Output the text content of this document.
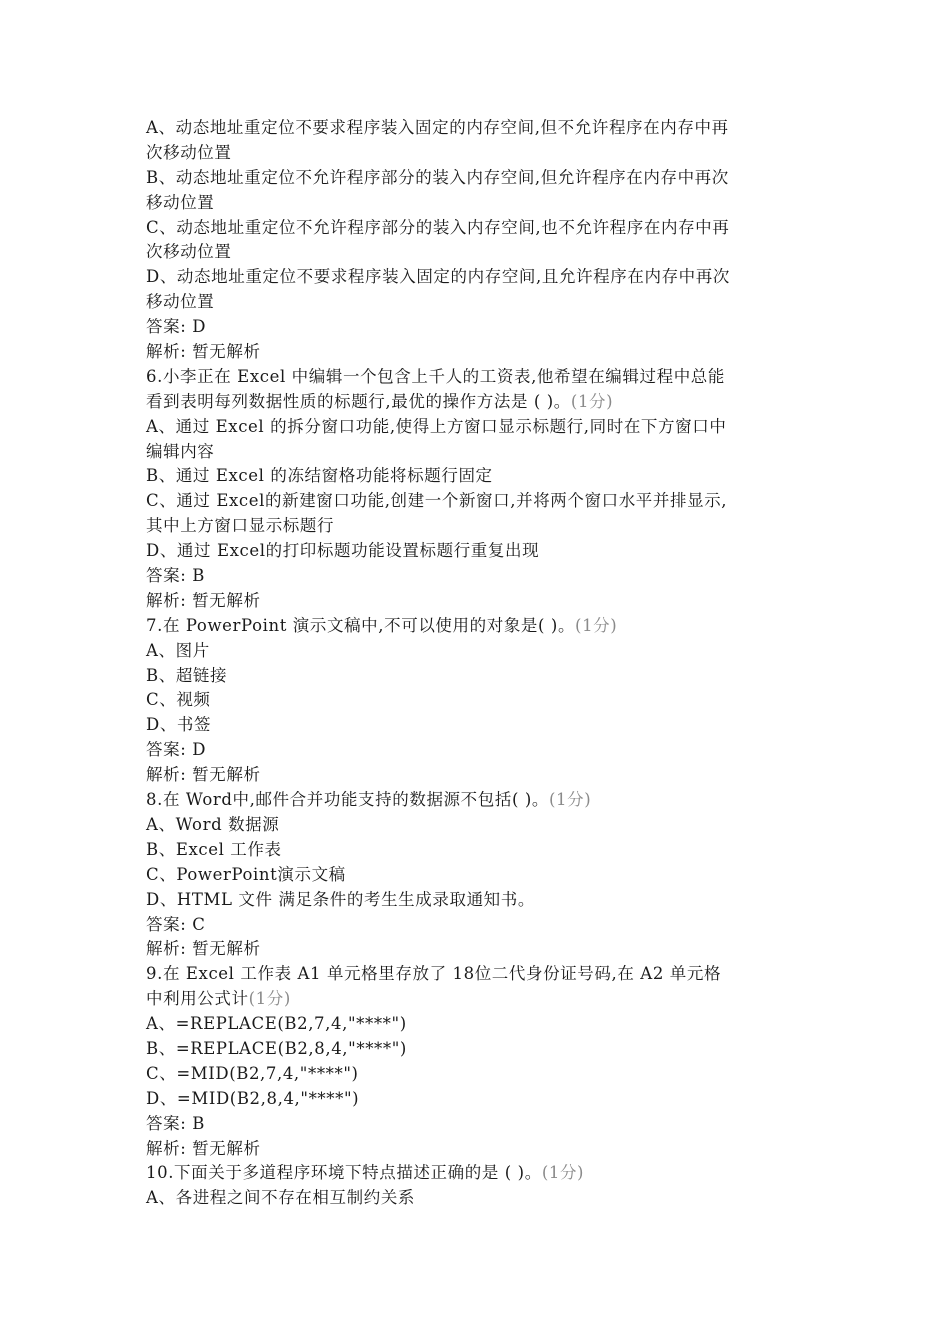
A、动态地址重定位不要求程序装入固定的内存空间,但不允许程序在内存中再
次移动位置
B、动态地址重定位不允许程序部分的装入内存空间,但允许程序在内存中再次
移动位置
C、动态地址重定位不允许程序部分的装入内存空间,也不允许程序在内存中再
次移动位置
D、动态地址重定位不要求程序装入固定的内存空间,且允许程序在内存中再次
移动位置
答案: D
解析: 暂无解析
6.小李正在 Excel 中编辑一个包含上千人的工资表,他希望在编辑过程中总能
看到表明每列数据性质的标题行,最优的操作方法是 ( )。(1分)
A、通过 Excel 的拆分窗口功能,使得上方窗口显示标题行,同时在下方窗口中
编辑内容
B、通过 Excel 的冻结窗格功能将标题行固定
C、通过 Excel的新建窗口功能,创建一个新窗口,并将两个窗口水平并排显示,
其中上方窗口显示标题行
D、通过 Excel的打印标题功能设置标题行重复出现
答案: B
解析: 暂无解析
7.在 PowerPoint 演示文稿中,不可以使用的对象是( )。(1分)
A、图片
B、超链接
C、视频
D、书签
答案: D
解析: 暂无解析
8.在 Word中,邮件合并功能支持的数据源不包括( )。(1分)
A、Word 数据源
B、Excel 工作表
C、PowerPoint演示文稿
D、HTML 文件 满足条件的考生生成录取通知书。
答案: C
解析: 暂无解析
9.在 Excel 工作表 A1 单元格里存放了 18位二代身份证号码,在 A2 单元格
中利用公式计(1分)
A、=REPLACE(B2,7,4,"****")
B、=REPLACE(B2,8,4,"****")
C、=MID(B2,7,4,"****")
D、=MID(B2,8,4,"****")
答案: B
解析: 暂无解析
10.下面关于多道程序环境下特点描述正确的是 ( )。(1分)
A、各进程之间不存在相互制约关系
